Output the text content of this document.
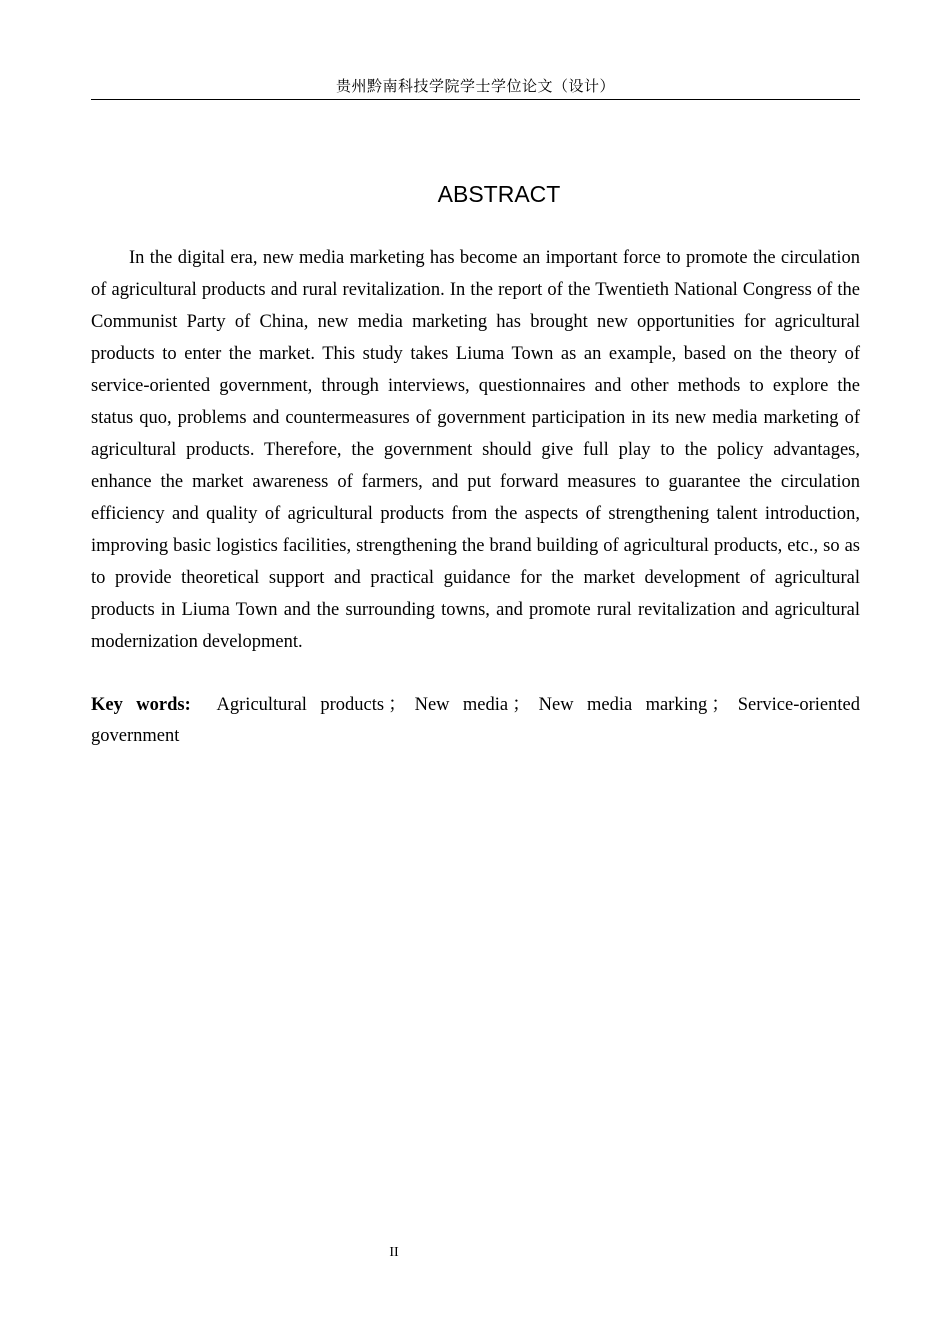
贵州黔南科技学院学士学位论文（设计）
ABSTRACT

In the digital era, new media marketing has become an important force to promote the circulation of agricultural products and rural revitalization. In the report of the Twentieth National Congress of the Communist Party of China, new media marketing has brought new opportunities for agricultural products to enter the market. This study takes Liuma Town as an example, based on the theory of service-oriented government, through interviews, questionnaires and other methods to explore the status quo, problems and countermeasures of government participation in its new media marketing of agricultural products. Therefore, the government should give full play to the policy advantages, enhance the market awareness of farmers, and put forward measures to guarantee the circulation efficiency and quality of agricultural products from the aspects of strengthening talent introduction, improving basic logistics facilities, strengthening the brand building of agricultural products, etc., so as to provide theoretical support and practical guidance for the market development of agricultural products in Liuma Town and the surrounding towns, and promote rural revitalization and agricultural modernization development.

Key words: Agricultural products ； New media ； New media marking ； Service-oriented government

II
